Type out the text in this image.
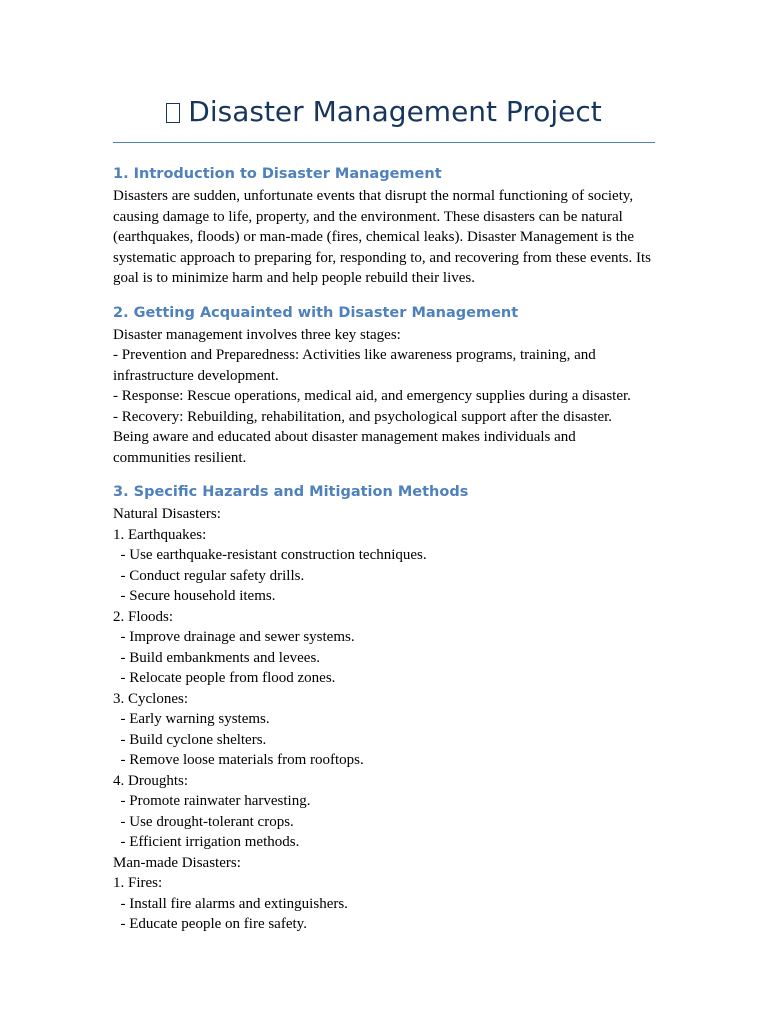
Disaster Management Project
1. Introduction to Disaster Management

Disasters are sudden, unfortunate events that disrupt the normal functioning of society, causing damage to life, property, and the environment. These disasters can be natural (earthquakes, floods) or man-made (fires, chemical leaks). Disaster Management is the systematic approach to preparing for, responding to, and recovering from these events. Its goal is to minimize harm and help people rebuild their lives.

2. Getting Acquainted with Disaster Management
Disaster management involves three key stages:
- Prevention and Preparedness: Activities like awareness programs, training, and infrastructure development.
- Response: Rescue operations, medical aid, and emergency supplies during a disaster.
- Recovery: Rebuilding, rehabilitation, and psychological support after the disaster.
Being aware and educated about disaster management makes individuals and communities resilient.
3. Specific Hazards and Mitigation Methods
Natural Disasters:
1. Earthquakes:
- Use earthquake-resistant construction techniques.
- Conduct regular safety drills.
- Secure household items.
2. Floods:
- Improve drainage and sewer systems.
- Build embankments and levees.
- Relocate people from flood zones.
3. Cyclones:
- Early warning systems.
- Build cyclone shelters.
- Remove loose materials from rooftops.
4. Droughts:
- Promote rainwater harvesting.
- Use drought-tolerant crops.
- Efficient irrigation methods.
Man-made Disasters:
1. Fires:
- Install fire alarms and extinguishers.
- Educate people on fire safety.
